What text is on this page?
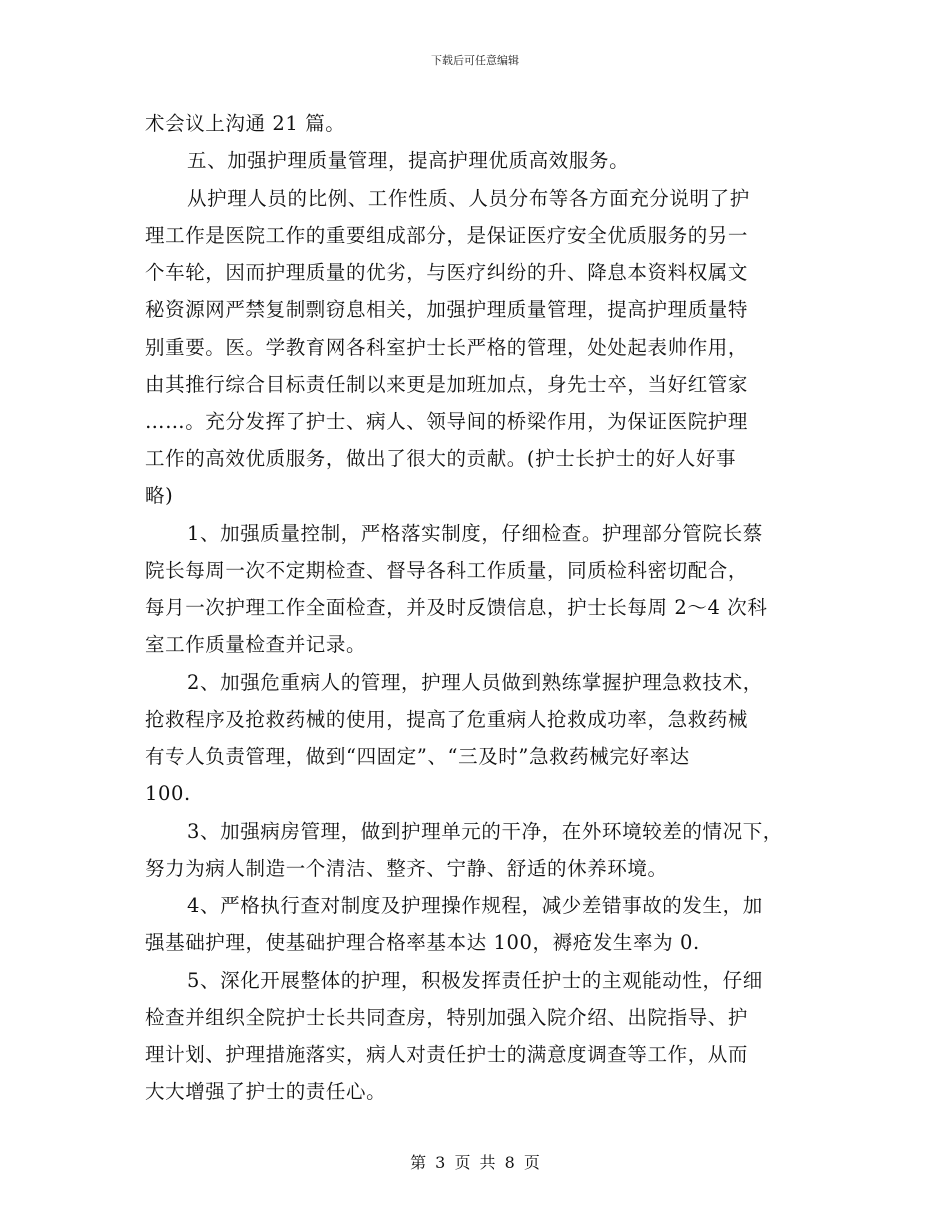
下载后可任意编辑
术会议上沟通 21 篇。
五、加强护理质量管理，提高护理优质高效服务。
从护理人员的比例、工作性质、人员分布等各方面充分说明了护
理工作是医院工作的重要组成部分，是保证医疗安全优质服务的另一
个车轮，因而护理质量的优劣，与医疗纠纷的升、降息本资料权属文
秘资源网严禁复制剽窃息相关，加强护理质量管理，提高护理质量特
别重要。医。学教育网各科室护士长严格的管理，处处起表帅作用，
由其推行综合目标责任制以来更是加班加点，身先士卒，当好红管家
……。充分发挥了护士、病人、领导间的桥梁作用，为保证医院护理
工作的高效优质服务，做出了很大的贡献。(护士长护士的好人好事
略)
1、加强质量控制，严格落实制度，仔细检查。护理部分管院长蔡
院长每周一次不定期检查、督导各科工作质量，同质检科密切配合，
每月一次护理工作全面检查，并及时反馈信息，护士长每周 2～4 次科
室工作质量检查并记录。
2、加强危重病人的管理，护理人员做到熟练掌握护理急救技术，
抢救程序及抢救药械的使用，提高了危重病人抢救成功率，急救药械
有专人负责管理，做到“四固定”、“三及时”急救药械完好率达
100.
3、加强病房管理，做到护理单元的干净，在外环境较差的情况下，
努力为病人制造一个清洁、整齐、宁静、舒适的休养环境。
4、严格执行查对制度及护理操作规程，减少差错事故的发生，加
强基础护理，使基础护理合格率基本达 100，褥疮发生率为 0.
5、深化开展整体的护理，积极发挥责任护士的主观能动性，仔细
检查并组织全院护士长共同查房，特别加强入院介绍、出院指导、护
理计划、护理措施落实，病人对责任护士的满意度调查等工作，从而
大大增强了护士的责任心。
第 3 页 共 8 页
